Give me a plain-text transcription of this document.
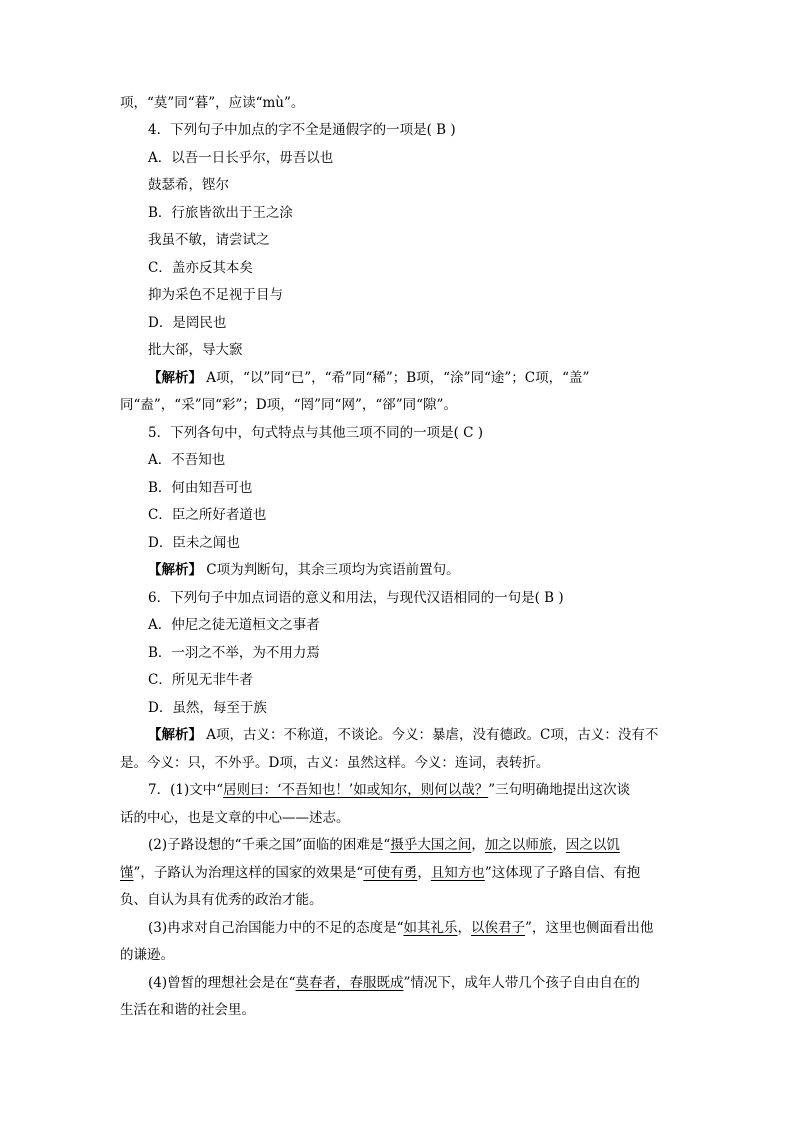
项，“莫”同“暮”，应读“mù”。
4．下列句子中加点的字不全是通假字的一项是( B )
A．以吾一日长乎尔，毋吾以也
鼓瑟希，铿尔
B．行旅皆欲出于王之涂
我虽不敏，请尝试之
C．盖亦反其本矣
抑为采色不足视于目与
D．是罔民也
批大郤，导大窾
【解析】 A项，“以”同“已”，“希”同“稀”；B项，“涂”同“途”；C项，“盖”
同“盍”，“采”同“彩”；D项，“罔”同“网”，“郤”同“隙”。
5．下列各句中，句式特点与其他三项不同的一项是( C )
A．不吾知也
B．何由知吾可也
C．臣之所好者道也
D．臣未之闻也
【解析】 C项为判断句，其余三项均为宾语前置句。
6．下列句子中加点词语的意义和用法，与现代汉语相同的一句是( B )
A．仲尼之徒无道桓文之事者
B．一羽之不举，为不用力焉
C．所见无非牛者
D．虽然，每至于族
【解析】 A项，古义：不称道，不谈论。今义：暴虐，没有德政。C项，古义：没有不
是。今义：只，不外乎。D项，古义：虽然这样。今义：连词，表转折。
7．(1)文中“居则曰：‘不吾知也！’如或知尔，则何以哉？”三句明确地提出这次谈
话的中心，也是文章的中心——述志。
(2)子路设想的“千乘之国”面临的困难是“摄乎大国之间，加之以师旅，因之以饥
馑”，子路认为治理这样的国家的效果是“可使有勇，且知方也”这体现了子路自信、有抱
负、自认为具有优秀的政治才能。
(3)冉求对自己治国能力中的不足的态度是“如其礼乐，以俟君子”，这里也侧面看出他
的谦逊。
(4)曾皙的理想社会是在“莫春者，春服既成”情况下，成年人带几个孩子自由自在的
生活在和谐的社会里。
